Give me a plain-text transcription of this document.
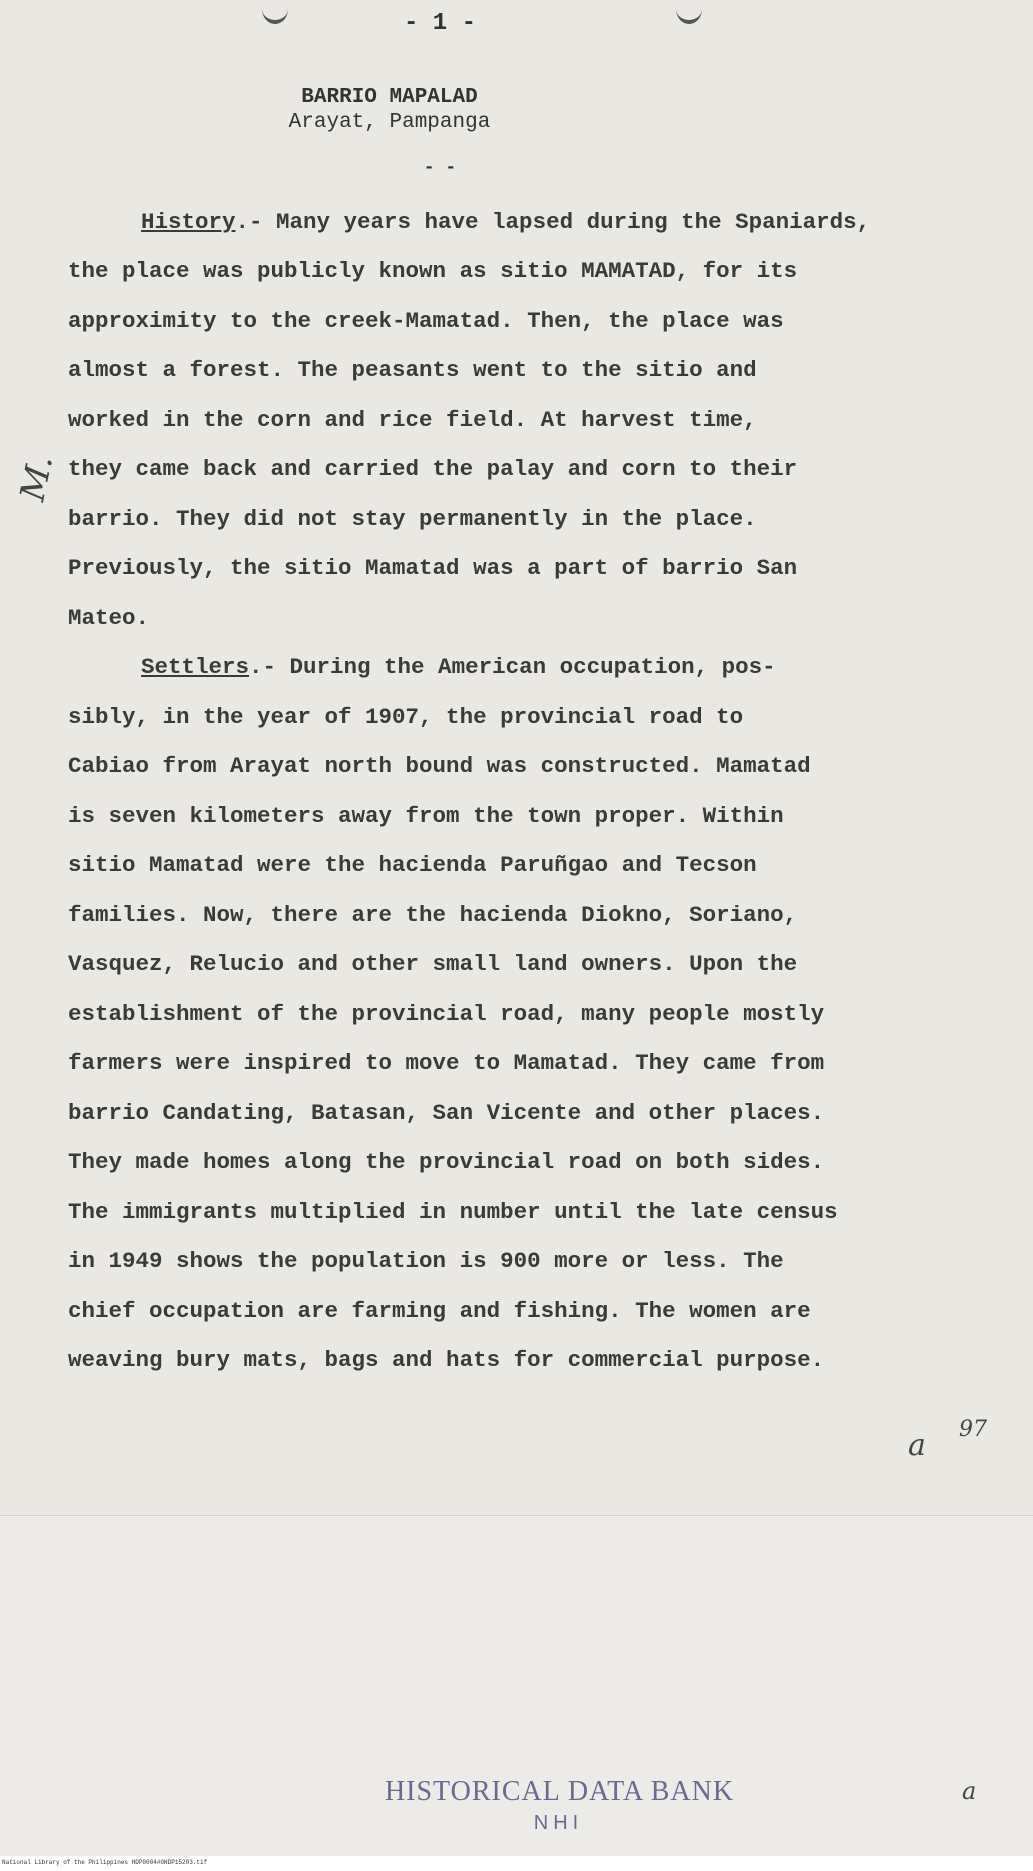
- 1 -
BARRIO MAPALAD
Arayat, Pampanga
- -
History.- Many years have lapsed during the Spaniards,
the place was publicly known as sitio MAMATAD, for its
approximity to the creek-Mamatad. Then, the place was
almost a forest. The peasants went to the sitio and
worked in the corn and rice field. At harvest time,
they came back and carried the palay and corn to their
barrio. They did not stay permanently in the place.
Previously, the sitio Mamatad was a part of barrio San
Mateo.
Settlers.- During the American occupation, pos-
sibly, in the year of 1907, the provincial road to
Cabiao from Arayat north bound was constructed. Mamatad
is seven kilometers away from the town proper. Within
sitio Mamatad were the hacienda Paruñgao and Tecson
families. Now, there are the hacienda Diokno, Soriano,
Vasquez, Relucio and other small land owners. Upon the
establishment of the provincial road, many people mostly
farmers were inspired to move to Mamatad. They came from
barrio Candating, Batasan, San Vicente and other places.
They made homes along the provincial road on both sides.
The immigrants multiplied in number until the late census
in 1949 shows the population is 900 more or less. The
chief occupation are farming and fishing. The women are
weaving bury mats, bags and hats for commercial purpose.
M.
a 97
HISTORICAL DATA BANK
NHI
a
National Library of the Philippines HDP0004#0HDP15203.tif
